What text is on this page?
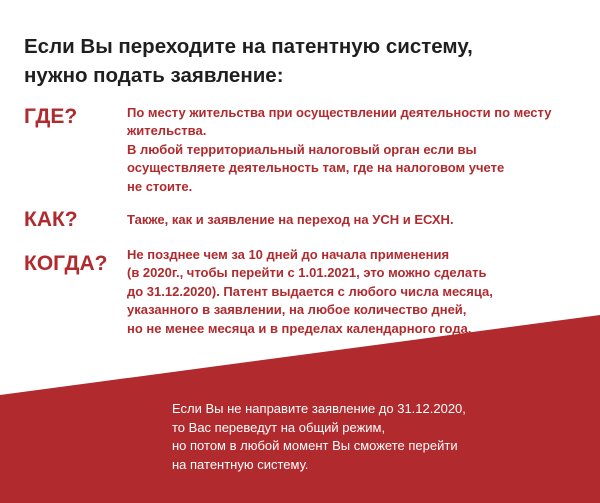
Если Вы переходите на патентную систему,
нужно подать заявление:
ГДЕ?	По месту жительства при осуществлении деятельности по месту
жительства.
В любой территориальный налоговый орган если вы
осуществляете деятельность там, где на налоговом учете
не стоите.
КАК?	Также, как и заявление на переход на УСН и ЕСХН.
КОГДА? Не позднее чем за 10 дней до начала применения
(в 2020г., чтобы перейти с 1.01.2021, это можно сделать
до 31.12.2020). Патент выдается с любого числа месяца,
указанного в заявлении, на любое количество дней,
но не менее месяца и в пределах календарного года.
Если Вы не направите заявление до 31.12.2020,
то Вас переведут на общий режим,
но потом в любой момент Вы сможете перейти
на патентную систему.
